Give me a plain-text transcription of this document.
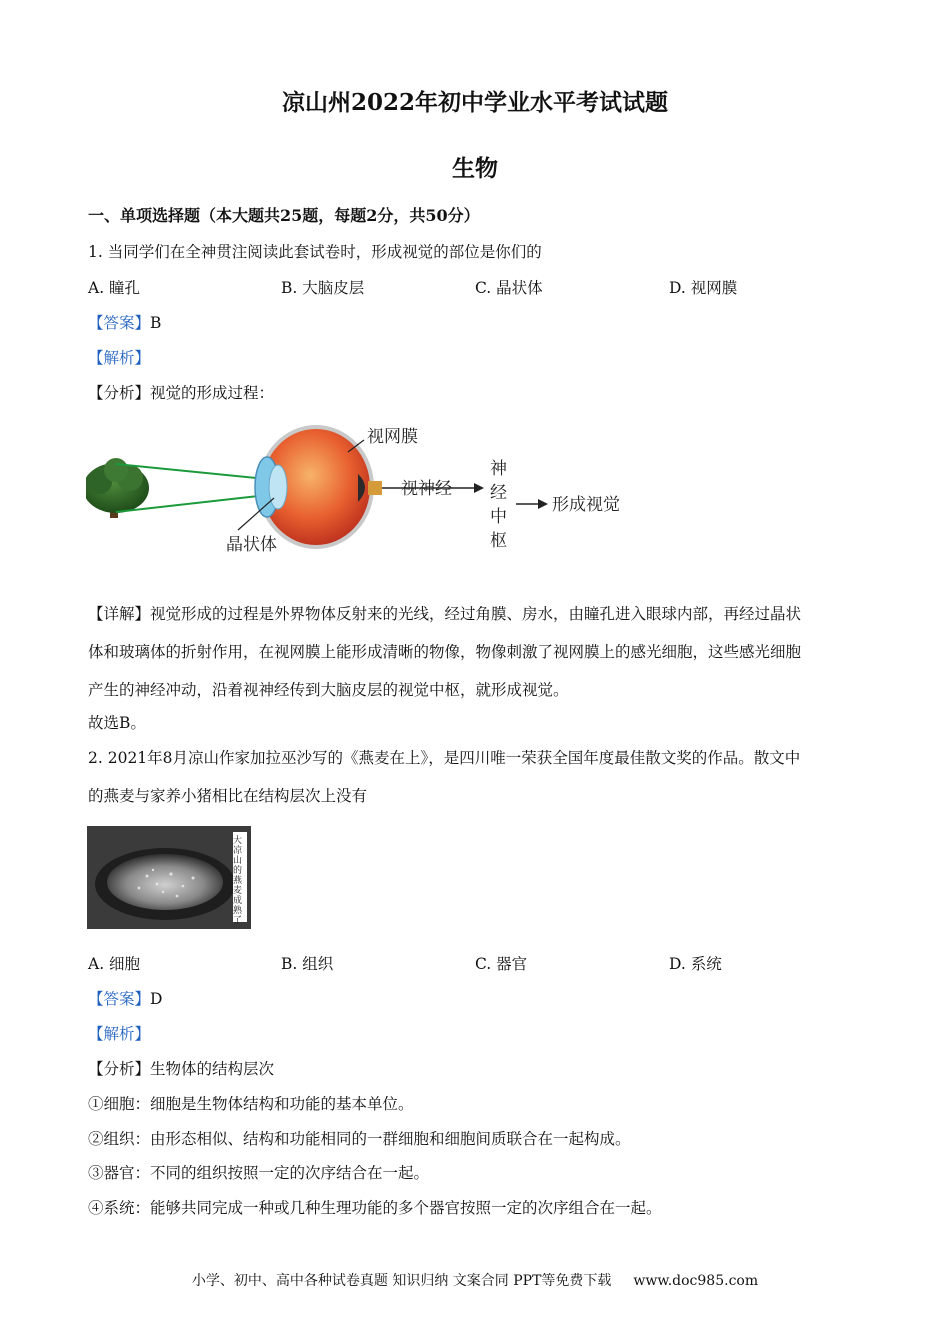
凉山州2022年初中学业水平考试试题
生物
一、单项选择题（本大题共25题，每题2分，共50分）
1. 当同学们在全神贯注阅读此套试卷时，形成视觉的部位是你们的
A. 瞳孔	B. 大脑皮层	C. 晶状体	D. 视网膜
【答案】B
【解析】
【分析】视觉的形成过程：
视网膜
视神经
晶状体
神
经
中
枢
形成视觉
【详解】视觉形成的过程是外界物体反射来的光线，经过角膜、房水，由瞳孔进入眼球内部，再经过晶状
体和玻璃体的折射作用，在视网膜上能形成清晰的物像，物像刺激了视网膜上的感光细胞，这些感光细胞
产生的神经冲动，沿着视神经传到大脑皮层的视觉中枢，就形成视觉。
故选B。
2. 2021年8月凉山作家加拉巫沙写的《燕麦在上》，是四川唯一荣获全国年度最佳散文奖的作品。散文中
的燕麦与家养小猪相比在结构层次上没有
大凉山的燕麦成熟了
A. 细胞	B. 组织	C. 器官	D. 系统
【答案】D
【解析】
【分析】生物体的结构层次
①细胞：细胞是生物体结构和功能的基本单位。
②组织：由形态相似、结构和功能相同的一群细胞和细胞间质联合在一起构成。
③器官：不同的组织按照一定的次序结合在一起。
④系统：能够共同完成一种或几种生理功能的多个器官按照一定的次序组合在一起。
小学、初中、高中各种试卷真题 知识归纳 文案合同 PPT等免费下载 www.doc985.com
